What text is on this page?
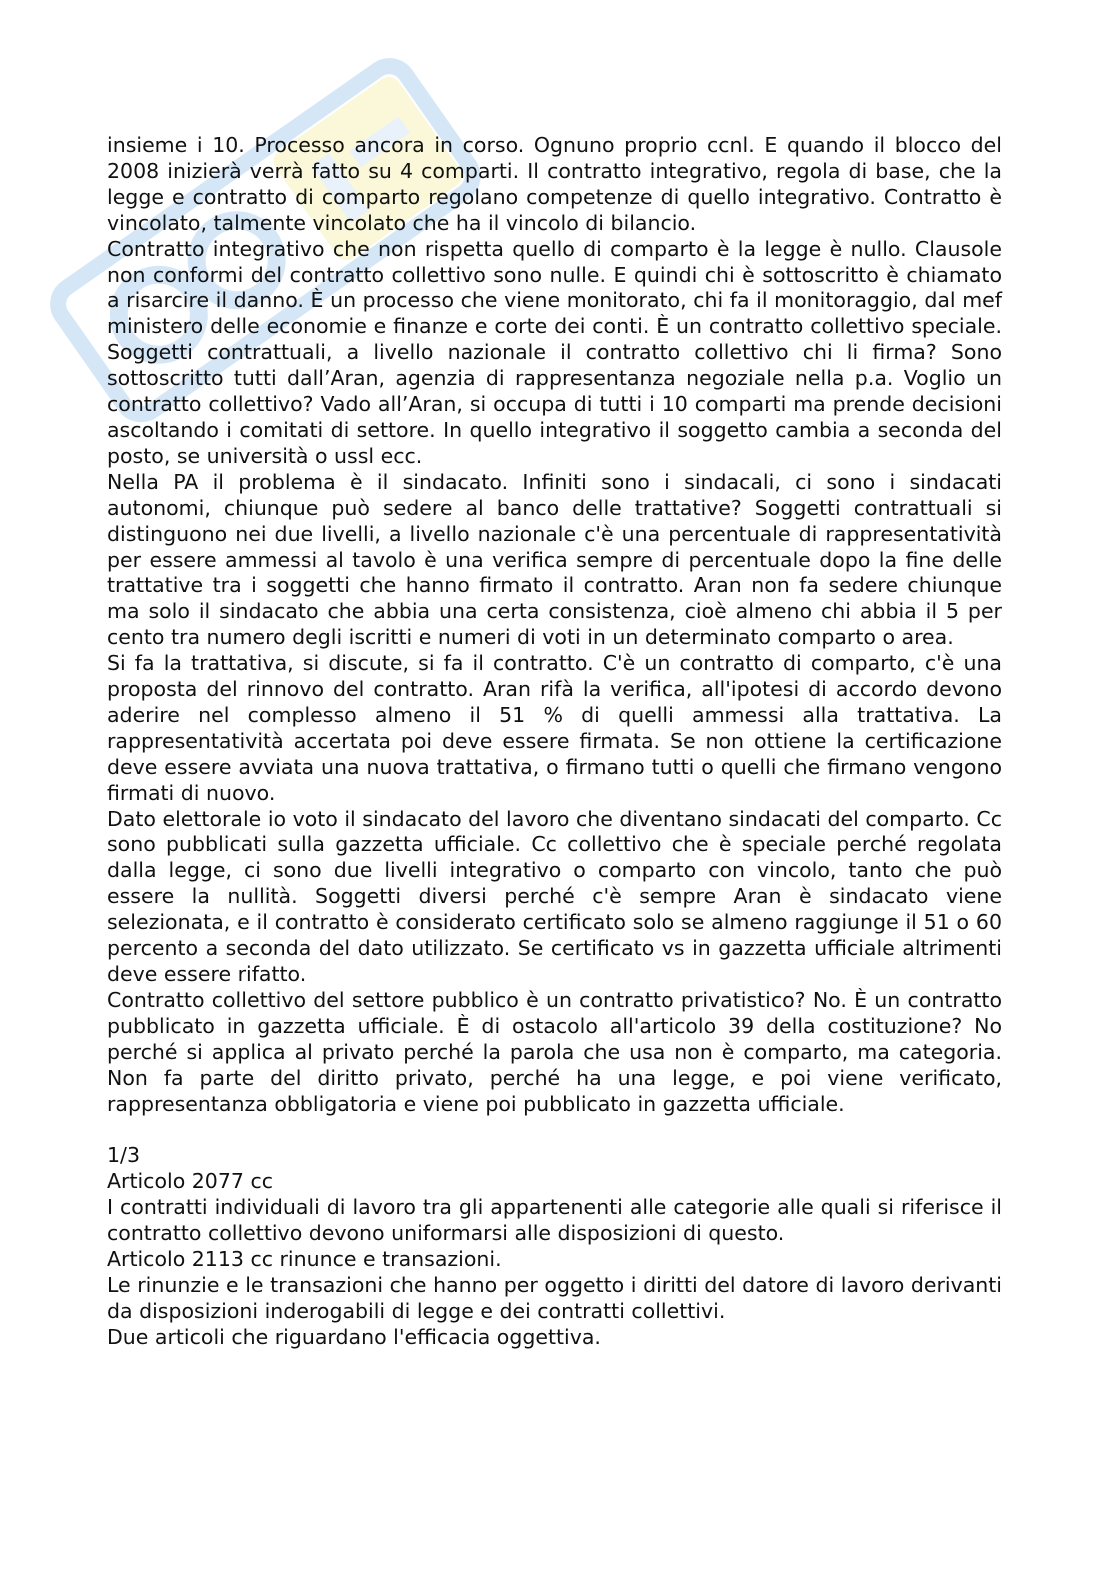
insieme i 10. Processo ancora in corso. Ognuno proprio ccnl. E quando il blocco del 2008 inizierà verrà fatto su 4 comparti. Il contratto integrativo, regola di base, che la legge e contratto di comparto regolano competenze di quello integrativo. Contratto è vincolato, talmente vincolato che ha il vincolo di bilancio.

Contratto integrativo che non rispetta quello di comparto è la legge è nullo. Clausole non conformi del contratto collettivo sono nulle. E quindi chi è sottoscritto è chiamato a risarcire il danno. È un processo che viene monitorato, chi fa il monitoraggio, dal mef ministero delle economie e finanze e corte dei conti. È un contratto collettivo speciale. Soggetti contrattuali, a livello nazionale il contratto collettivo chi li firma? Sono sottoscritto tutti dall’Aran, agenzia di rappresentanza negoziale nella p.a. Voglio un contratto collettivo? Vado all’Aran, si occupa di tutti i 10 comparti ma prende decisioni ascoltando i comitati di settore. In quello integrativo il soggetto cambia a seconda del posto, se università o ussl ecc.

Nella PA il problema è il sindacato. Infiniti sono i sindacali, ci sono i sindacati autonomi, chiunque può sedere al banco delle trattative? Soggetti contrattuali si distinguono nei due livelli, a livello nazionale c'è una percentuale di rappresentatività per essere ammessi al tavolo è una verifica sempre di percentuale dopo la fine delle trattative tra i soggetti che hanno firmato il contratto. Aran non fa sedere chiunque ma solo il sindacato che abbia una certa consistenza, cioè almeno chi abbia il 5 per cento tra numero degli iscritti e numeri di voti in un determinato comparto o area.

Si fa la trattativa, si discute, si fa il contratto. C'è un contratto di comparto, c'è una proposta del rinnovo del contratto. Aran rifà la verifica, all'ipotesi di accordo devono aderire nel complesso almeno il 51 % di quelli ammessi alla trattativa. La rappresentatività accertata poi deve essere firmata. Se non ottiene la certificazione deve essere avviata una nuova trattativa, o firmano tutti o quelli che firmano vengono firmati di nuovo.

Dato elettorale io voto il sindacato del lavoro che diventano sindacati del comparto. Cc sono pubblicati sulla gazzetta ufficiale. Cc collettivo che è speciale perché regolata dalla legge, ci sono due livelli integrativo o comparto con vincolo, tanto che può essere la nullità. Soggetti diversi perché c'è sempre Aran è sindacato viene selezionata, e il contratto è considerato certificato solo se almeno raggiunge il 51 o 60 percento a seconda del dato utilizzato. Se certificato vs in gazzetta ufficiale altrimenti deve essere rifatto.

Contratto collettivo del settore pubblico è un contratto privatistico? No. È un contratto pubblicato in gazzetta ufficiale. È di ostacolo all'articolo 39 della costituzione? No perché si applica al privato perché la parola che usa non è comparto, ma categoria. Non fa parte del diritto privato, perché ha una legge, e poi viene verificato, rappresentanza obbligatoria e viene poi pubblicato in gazzetta ufficiale.

1/3

Articolo 2077 cc

I contratti individuali di lavoro tra gli appartenenti alle categorie alle quali si riferisce il contratto collettivo devono uniformarsi alle disposizioni di questo.

Articolo 2113 cc rinunce e transazioni.

Le rinunzie e le transazioni che hanno per oggetto i diritti del datore di lavoro derivanti da disposizioni inderogabili di legge e dei contratti collettivi.

Due articoli che riguardano l'efficacia oggettiva.
